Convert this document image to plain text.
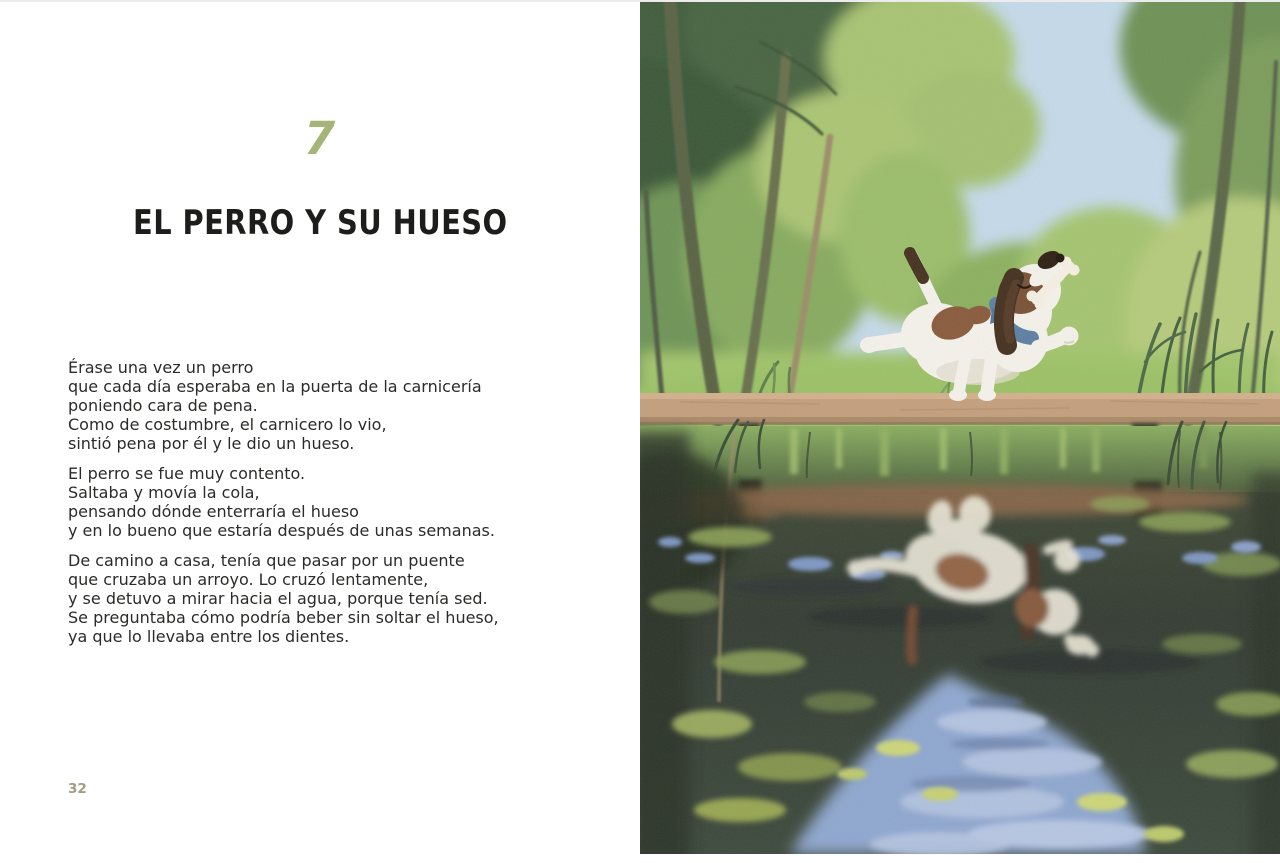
7
EL PERRO Y SU HUESO

Érase una vez un perro
que cada día esperaba en la puerta de la carnicería
poniendo cara de pena.
Como de costumbre, el carnicero lo vio,
sintió pena por él y le dio un hueso.

El perro se fue muy contento.
Saltaba y movía la cola,
pensando dónde enterraría el hueso
y en lo bueno que estaría después de unas semanas.

De camino a casa, tenía que pasar por un puente
que cruzaba un arroyo. Lo cruzó lentamente,
y se detuvo a mirar hacia el agua, porque tenía sed.
Se preguntaba cómo podría beber sin soltar el hueso,
ya que lo llevaba entre los dientes.

32
